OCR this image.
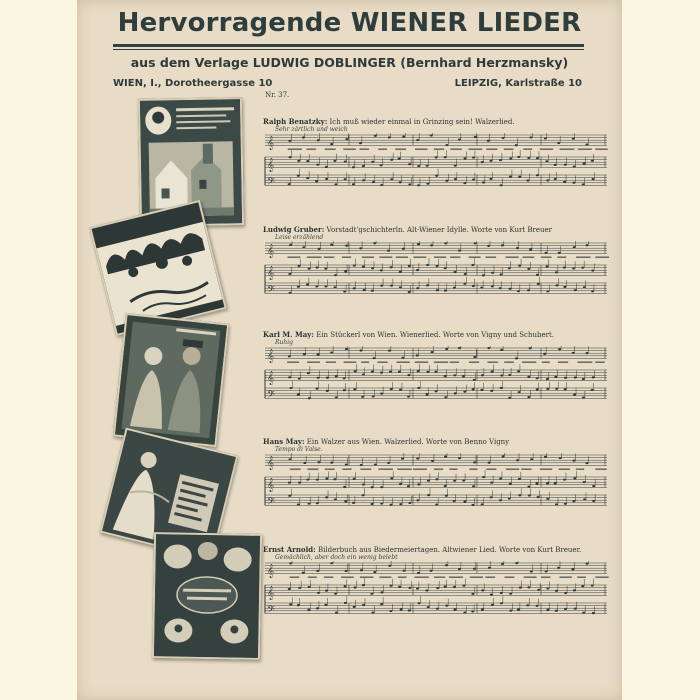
Hervorragende WIENER LIEDER
aus dem Verlage LUDWIG DOBLINGER (Bernhard Herzmansky)
WIEN, I., Dorotheergasse 10	LEIPZIG, Karlstraße 10
Nr. 37.
Ralph Benatzky: Ich muß wieder einmal in Grinzing sein! Walzerlied.
Sehr zärtlich und weich
𝄞
𝄞
𝄢
Ludwig Gruber: Vorstadt'gschichterln. Alt-Wiener Idylle. Worte von Kurt Breuer
Leise erzählend
𝄞
𝄞
𝄢
Karl M. May: Ein Stückerl von Wien. Wienerlied. Worte von Vigny und Schubert.
Ruhig
𝄞
𝄞
𝄢
Hans May: Ein Walzer aus Wien. Walzerlied. Worte von Benno Vigny
Tempo di Valse.
𝄞
𝄞
𝄢
Ernst Arnold: Bilderbuch aus Biedermeiertagen. Altwiener Lied. Worte von Kurt Breuer.
Gemächlich, aber doch ein wenig belebt
𝄞
𝄞
𝄢
